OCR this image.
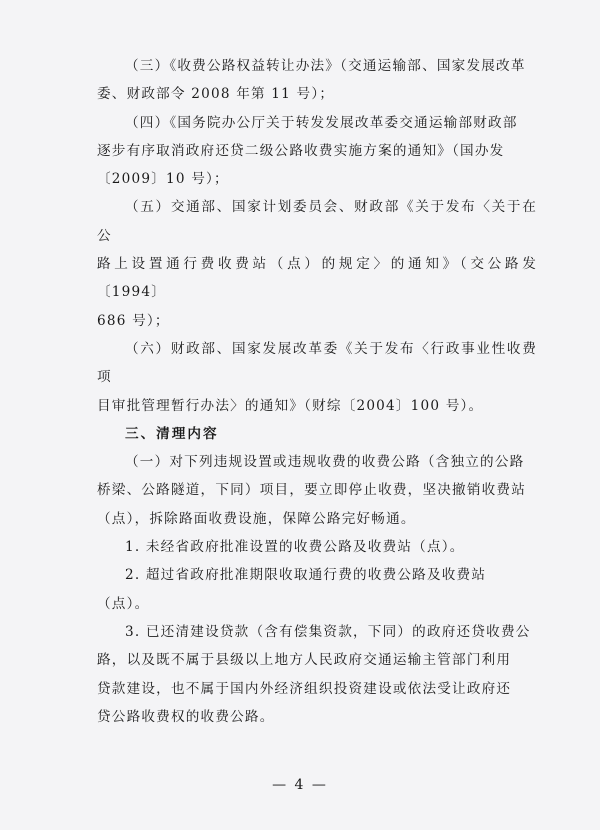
（三）《收费公路权益转让办法》（交通运输部、国家发展改革

委、财政部令 2008 年第 11 号）；

（四）《国务院办公厅关于转发发展改革委交通运输部财政部

逐步有序取消政府还贷二级公路收费实施方案的通知》（国办发

〔2009〕10 号）；

（五）交通部、国家计划委员会、财政部《关于发布〈关于在公

路上设置通行费收费站（点）的规定〉的通知》（交公路发〔1994〕

686 号）；

（六）财政部、国家发展改革委《关于发布〈行政事业性收费项

目审批管理暂行办法〉的通知》（财综〔2004〕100 号）。

三、清理内容

（一）对下列违规设置或违规收费的收费公路（含独立的公路

桥梁、公路隧道，下同）项目，要立即停止收费，坚决撤销收费站

（点），拆除路面收费设施，保障公路完好畅通。

1. 未经省政府批准设置的收费公路及收费站（点）。

2. 超过省政府批准期限收取通行费的收费公路及收费站

（点）。

3. 已还清建设贷款（含有偿集资款，下同）的政府还贷收费公

路，以及既不属于县级以上地方人民政府交通运输主管部门利用

贷款建设，也不属于国内外经济组织投资建设或依法受让政府还

贷公路收费权的收费公路。

— 4 —
